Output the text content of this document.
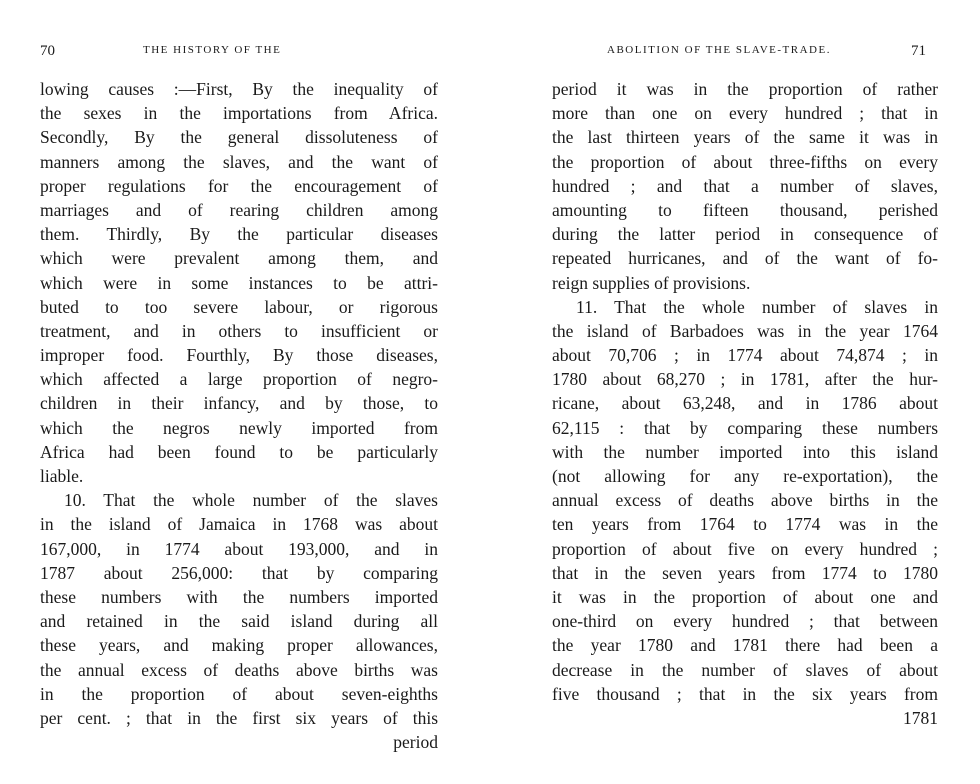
70	THE HISTORY OF THE
lowing causes :—First, By the inequality of
the sexes in the importations from Africa.
Secondly, By the general dissoluteness of
manners among the slaves, and the want of
proper regulations for the encouragement of
marriages and of rearing children among
them. Thirdly, By the particular diseases
which were prevalent among them, and
which were in some instances to be attri-
buted to too severe labour, or rigorous
treatment, and in others to insufficient or
improper food. Fourthly, By those diseases,
which affected a large proportion of negro-
children in their infancy, and by those, to
which the negros newly imported from
Africa had been found to be particularly
liable.
10. That the whole number of the slaves
in the island of Jamaica in 1768 was about
167,000, in 1774 about 193,000, and in
1787 about 256,000: that by comparing
these numbers with the numbers imported
and retained in the said island during all
these years, and making proper allowances,
the annual excess of deaths above births was
in the proportion of about seven-eighths
per cent. ; that in the first six years of this
period
ABOLITION OF THE SLAVE-TRADE.	71
period it was in the proportion of rather
more than one on every hundred ; that in
the last thirteen years of the same it was in
the proportion of about three-fifths on every
hundred ; and that a number of slaves,
amounting to fifteen thousand, perished
during the latter period in consequence of
repeated hurricanes, and of the want of fo-
reign supplies of provisions.
11. That the whole number of slaves in
the island of Barbadoes was in the year 1764
about 70,706 ; in 1774 about 74,874 ; in
1780 about 68,270 ; in 1781, after the hur-
ricane, about 63,248, and in 1786 about
62,115 : that by comparing these numbers
with the number imported into this island
(not allowing for any re-exportation), the
annual excess of deaths above births in the
ten years from 1764 to 1774 was in the
proportion of about five on every hundred ;
that in the seven years from 1774 to 1780
it was in the proportion of about one and
one-third on every hundred ; that between
the year 1780 and 1781 there had been a
decrease in the number of slaves of about
five thousand ; that in the six years from
1781
